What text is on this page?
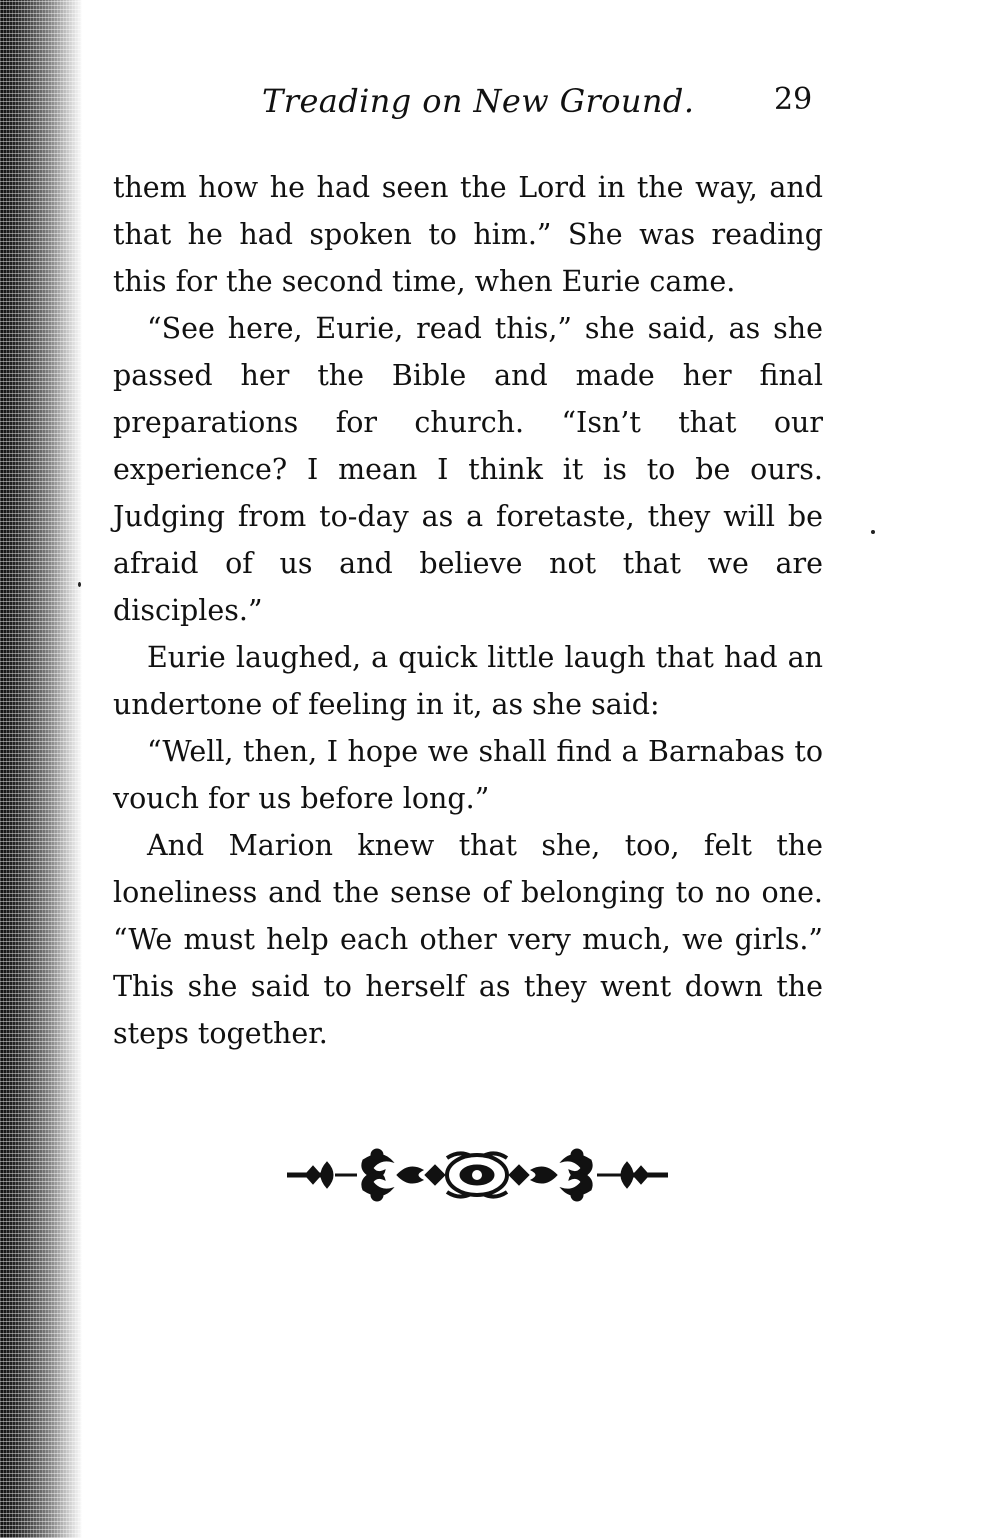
Treading on New Ground.	29

them how he had seen the Lord in the way, and that he had spoken to him.” She was reading this for the second time, when Eurie came.

“See here, Eurie, read this,” she said, as she passed her the Bible and made her final preparations for church. “Isn’t that our experience? I mean I think it is to be ours. Judging from to-day as a foretaste, they will be afraid of us and believe not that we are disciples.”

Eurie laughed, a quick little laugh that had an undertone of feeling in it, as she said:

“Well, then, I hope we shall find a Barnabas to vouch for us before long.”

And Marion knew that she, too, felt the loneliness and the sense of belonging to no one. “We must help each other very much, we girls.” This she said to herself as they went down the steps together.
